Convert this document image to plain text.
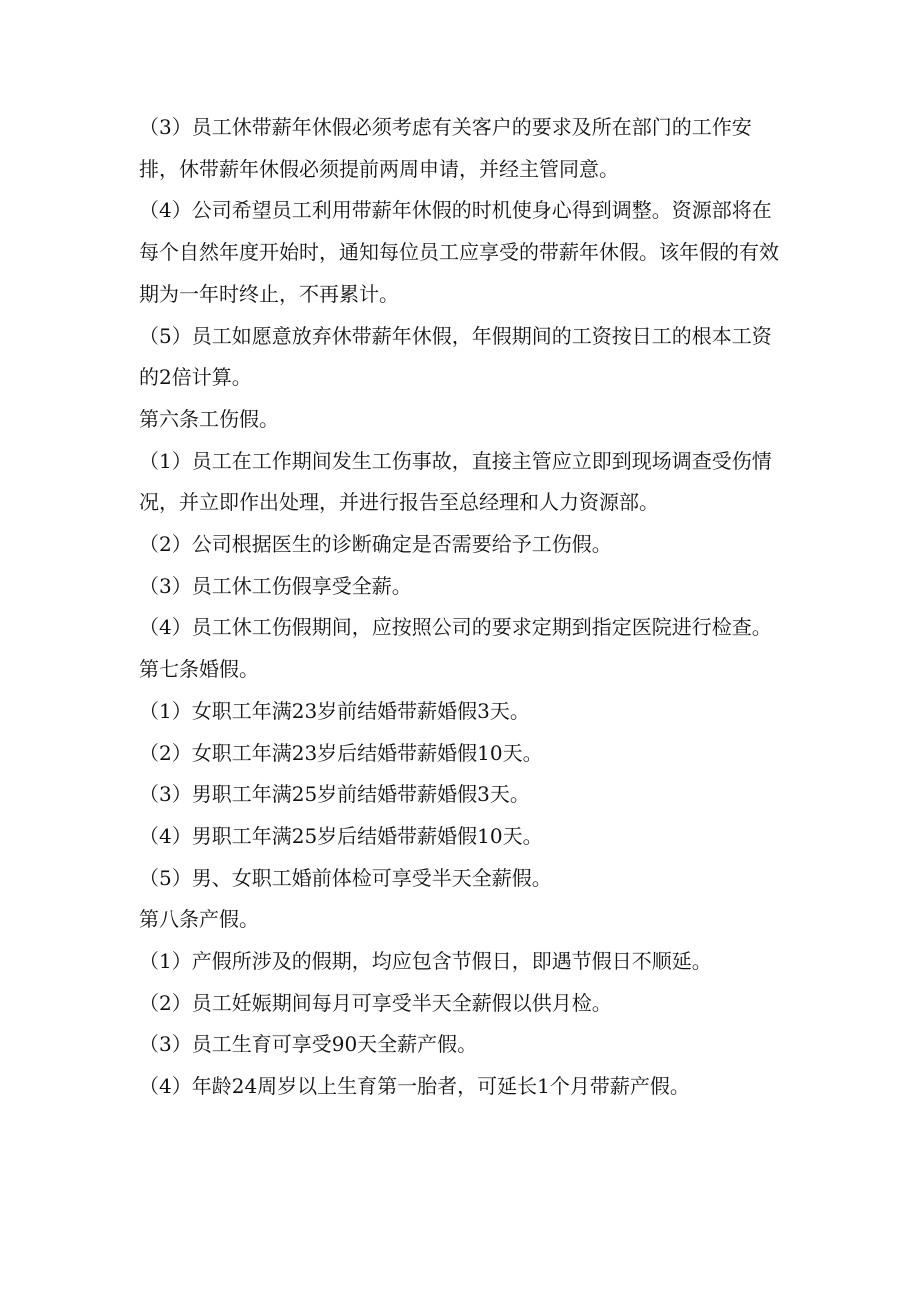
（3）员工休带薪年休假必须考虑有关客户的要求及所在部门的工作安排，休带薪年休假必须提前两周申请，并经主管同意。

（4）公司希望员工利用带薪年休假的时机使身心得到调整。资源部将在每个自然年度开始时，通知每位员工应享受的带薪年休假。该年假的有效期为一年时终止，不再累计。

（5）员工如愿意放弃休带薪年休假，年假期间的工资按日工的根本工资的2倍计算。

第六条工伤假。

（1）员工在工作期间发生工伤事故，直接主管应立即到现场调查受伤情况，并立即作出处理，并进行报告至总经理和人力资源部。

（2）公司根据医生的诊断确定是否需要给予工伤假。

（3）员工休工伤假享受全薪。

（4）员工休工伤假期间，应按照公司的要求定期到指定医院进行检查。

第七条婚假。

（1）女职工年满23岁前结婚带薪婚假3天。

（2）女职工年满23岁后结婚带薪婚假10天。

（3）男职工年满25岁前结婚带薪婚假3天。

（4）男职工年满25岁后结婚带薪婚假10天。

（5）男、女职工婚前体检可享受半天全薪假。

第八条产假。

（1）产假所涉及的假期，均应包含节假日，即遇节假日不顺延。

（2）员工妊娠期间每月可享受半天全薪假以供月检。

（3）员工生育可享受90天全薪产假。

（4）年龄24周岁以上生育第一胎者，可延长1个月带薪产假。
